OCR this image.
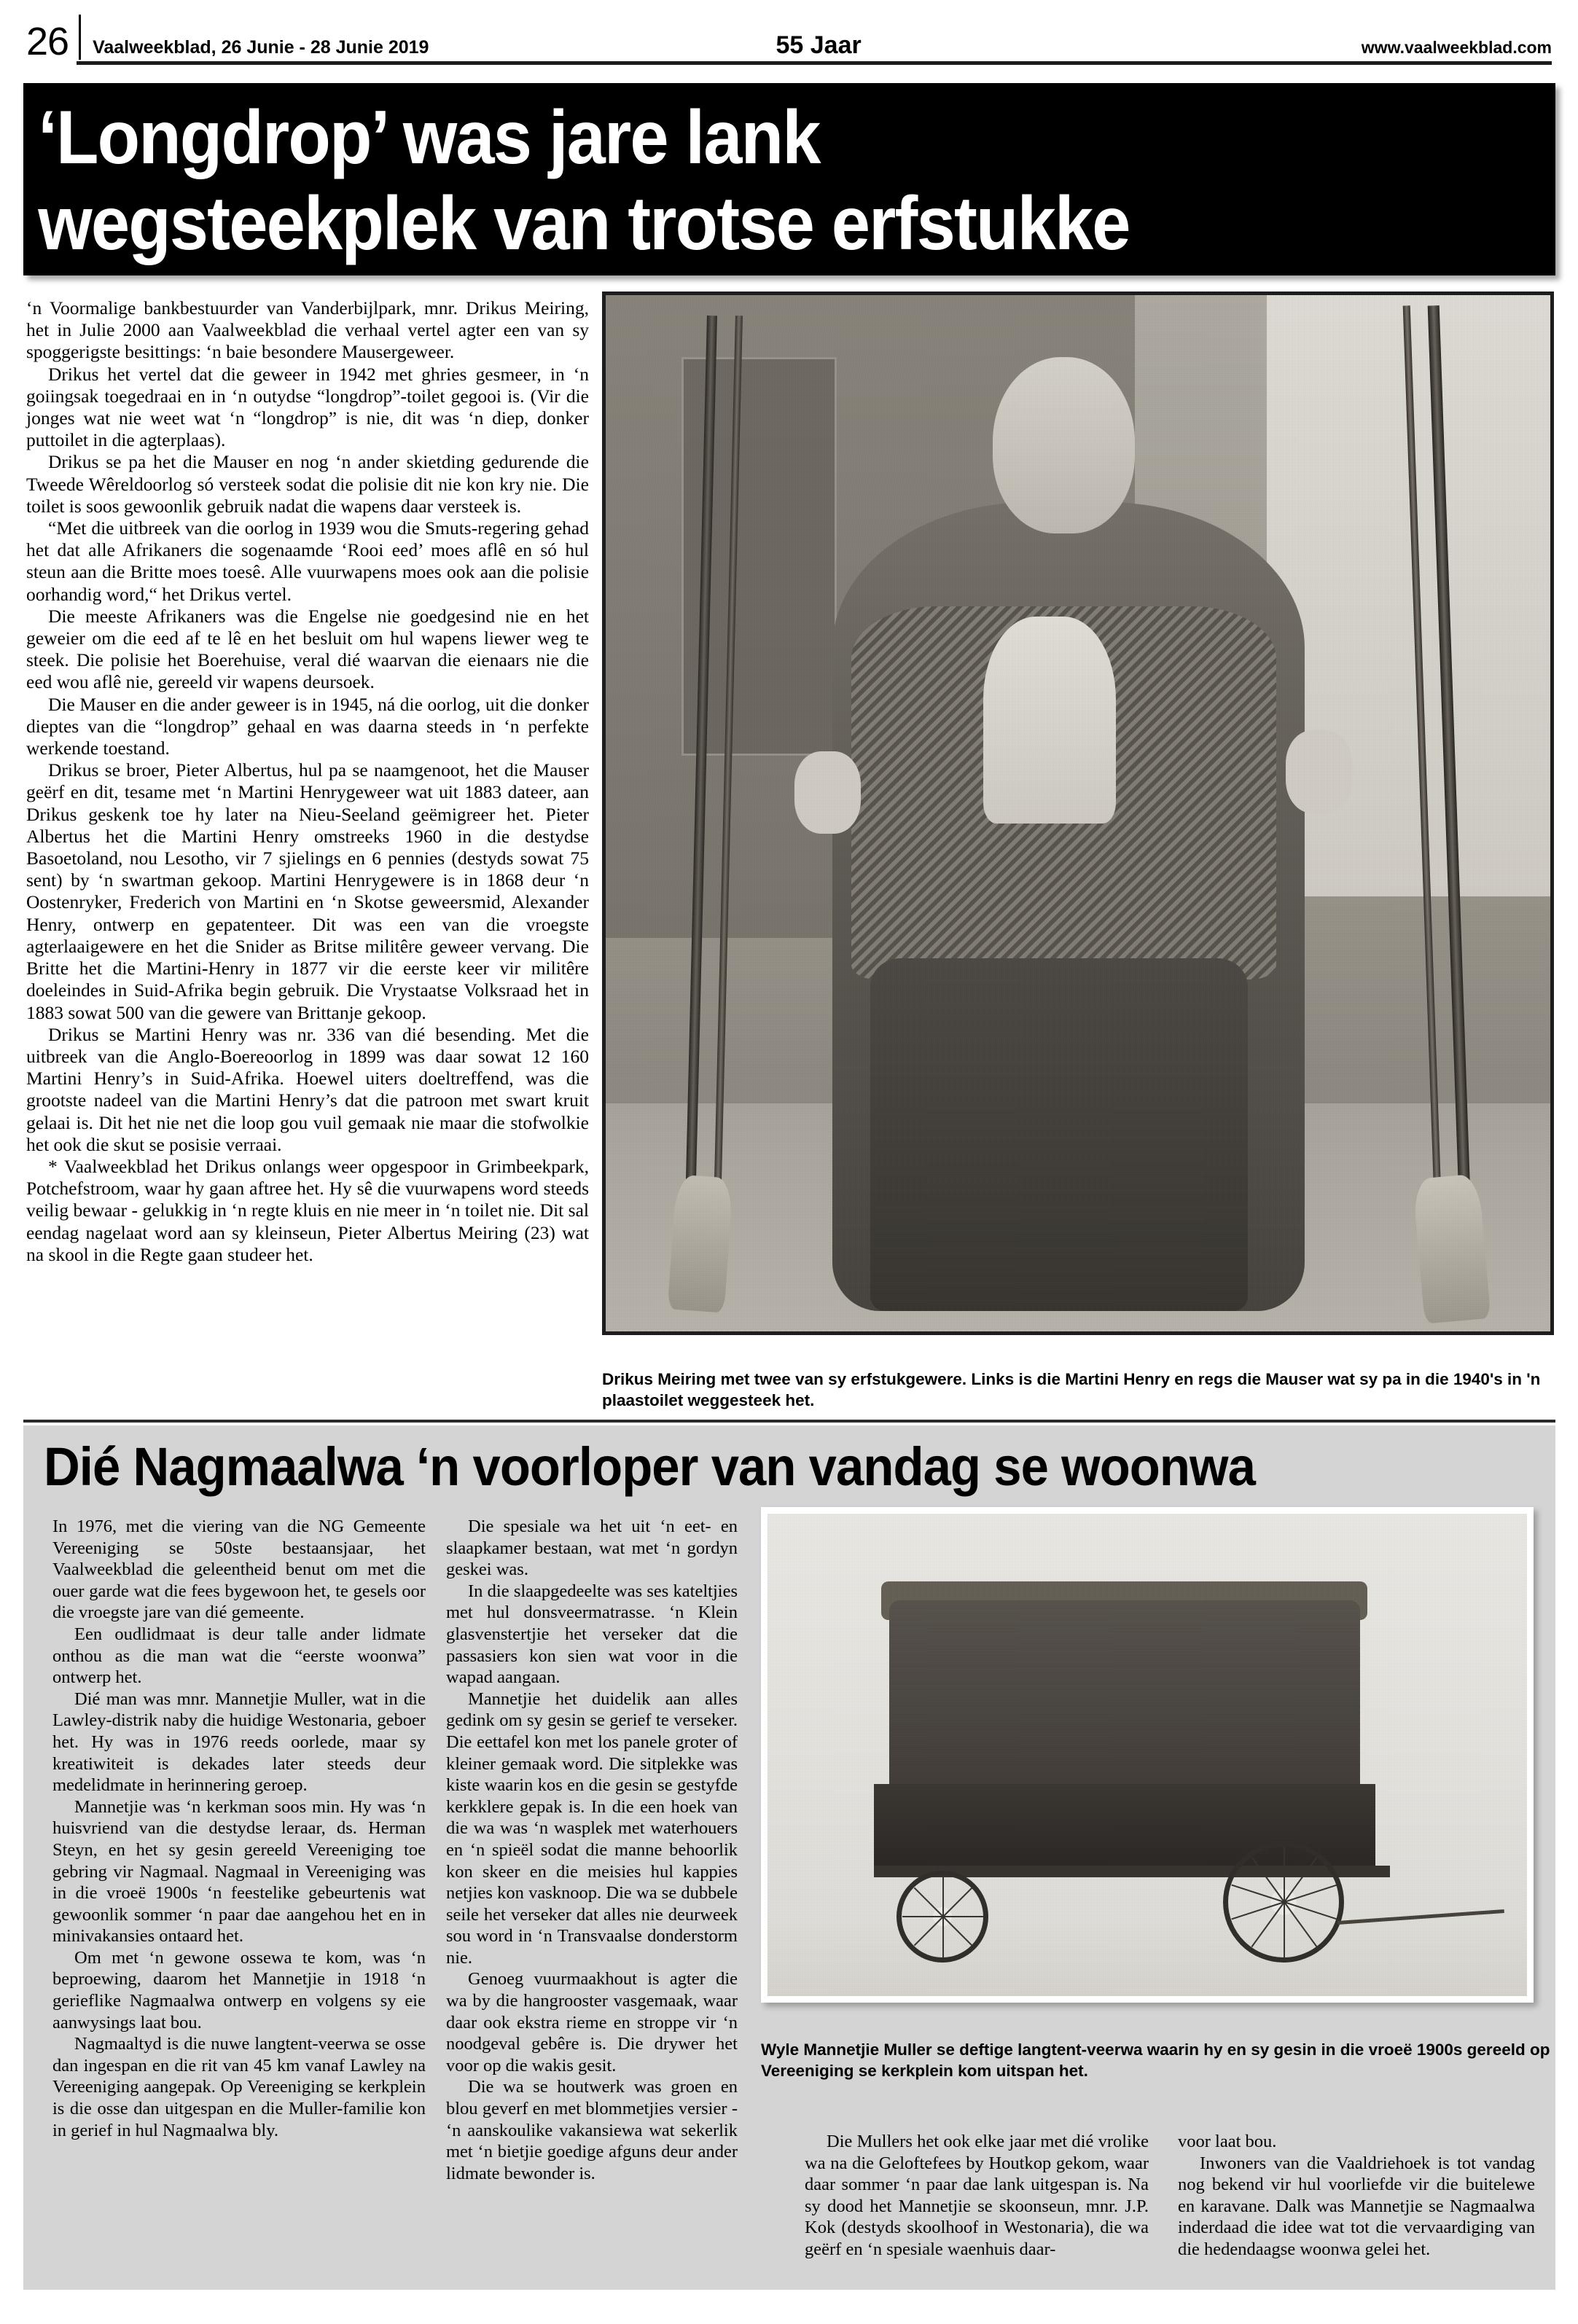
26	Vaalweekblad, 26 Junie - 28 Junie 2019	55 Jaar	www.vaalweekblad.com
‘Longdrop’ was jare lank
wegsteekplek van trotse erfstukke

‘n Voormalige bankbestuurder van Vanderbijlpark, mnr. Drikus Meiring, het in Julie 2000 aan Vaalweekblad die verhaal vertel agter een van sy spoggerigste besittings: ‘n baie besondere Mausergeweer.

Drikus het vertel dat die geweer in 1942 met ghries gesmeer, in ‘n goiingsak toegedraai en in ‘n outydse “longdrop”-toilet gegooi is. (Vir die jonges wat nie weet wat ‘n “longdrop” is nie, dit was ‘n diep, donker puttoilet in die agterplaas).

Drikus se pa het die Mauser en nog ‘n ander skietding gedurende die Tweede Wêreldoorlog só versteek sodat die polisie dit nie kon kry nie. Die toilet is soos gewoonlik gebruik nadat die wapens daar versteek is.

“Met die uitbreek van die oorlog in 1939 wou die Smuts-regering gehad het dat alle Afrikaners die sogenaamde ‘Rooi eed’ moes aflê en só hul steun aan die Britte moes toesê. Alle vuurwapens moes ook aan die polisie oorhandig word,“ het Drikus vertel.

Die meeste Afrikaners was die Engelse nie goedgesind nie en het geweier om die eed af te lê en het besluit om hul wapens liewer weg te steek. Die polisie het Boerehuise, veral dié waarvan die eienaars nie die eed wou aflê nie, gereeld vir wapens deursoek.

Die Mauser en die ander geweer is in 1945, ná die oorlog, uit die donker dieptes van die “longdrop” gehaal en was daarna steeds in ‘n perfekte werkende toestand.

Drikus se broer, Pieter Albertus, hul pa se naamgenoot, het die Mauser geërf en dit, tesame met ‘n Martini Henrygeweer wat uit 1883 dateer, aan Drikus geskenk toe hy later na Nieu-Seeland geëmigreer het. Pieter Albertus het die Martini Henry omstreeks 1960 in die destydse Basoetoland, nou Lesotho, vir 7 sjielings en 6 pennies (destyds sowat 75 sent) by ‘n swartman gekoop. Martini Henrygewere is in 1868 deur ‘n Oostenryker, Frederich von Martini en ‘n Skotse geweersmid, Alexander Henry, ontwerp en gepatenteer. Dit was een van die vroegste agterlaaigewere en het die Snider as Britse militêre geweer vervang. Die Britte het die Martini-Henry in 1877 vir die eerste keer vir militêre doeleindes in Suid-Afrika begin gebruik. Die Vrystaatse Volksraad het in 1883 sowat 500 van die gewere van Brittanje gekoop.

Drikus se Martini Henry was nr. 336 van dié besending. Met die uitbreek van die Anglo-Boereoorlog in 1899 was daar sowat 12 160 Martini Henry’s in Suid-Afrika. Hoewel uiters doeltreffend, was die grootste nadeel van die Martini Henry’s dat die patroon met swart kruit gelaai is. Dit het nie net die loop gou vuil gemaak nie maar die stofwolkie het ook die skut se posisie verraai.

* Vaalweekblad het Drikus onlangs weer opgespoor in Grimbeekpark, Potchefstroom, waar hy gaan aftree het. Hy sê die vuurwapens word steeds veilig bewaar - gelukkig in ‘n regte kluis en nie meer in ‘n toilet nie. Dit sal eendag nagelaat word aan sy kleinseun, Pieter Albertus Meiring (23) wat na skool in die Regte gaan studeer het.

Drikus Meiring met twee van sy erfstukgewere. Links is die Martini Henry en regs die Mauser wat sy pa in die 1940's in 'n plaastoilet weggesteek het.
Dié Nagmaalwa ‘n voorloper van vandag se woonwa

In 1976, met die viering van die NG Gemeente Vereeniging se 50ste bestaansjaar, het Vaalweekblad die geleentheid benut om met die ouer garde wat die fees bygewoon het, te gesels oor die vroegste jare van dié gemeente.

Een oudlidmaat is deur talle ander lidmate onthou as die man wat die “eerste woonwa” ontwerp het.

Dié man was mnr. Mannetjie Muller, wat in die Lawley-distrik naby die huidige Westonaria, geboer het. Hy was in 1976 reeds oorlede, maar sy kreatiwiteit is dekades later steeds deur medelidmate in herinnering geroep.

Mannetjie was ‘n kerkman soos min. Hy was ‘n huisvriend van die destydse leraar, ds. Herman Steyn, en het sy gesin gereeld Vereeniging toe gebring vir Nagmaal. Nagmaal in Vereeniging was in die vroeë 1900s ‘n feestelike gebeurtenis wat gewoonlik sommer ‘n paar dae aangehou het en in minivakansies ontaard het.

Om met ‘n gewone ossewa te kom, was ‘n beproewing, daarom het Mannetjie in 1918 ‘n gerieflike Nagmaalwa ontwerp en volgens sy eie aanwysings laat bou.

Nagmaaltyd is die nuwe langtent-veerwa se osse dan ingespan en die rit van 45 km vanaf Lawley na Vereeniging aangepak. Op Vereeniging se kerkplein is die osse dan uitgespan en die Muller-familie kon in gerief in hul Nagmaalwa bly.

Die spesiale wa het uit ‘n eet- en slaapkamer bestaan, wat met ‘n gordyn geskei was.

In die slaapgedeelte was ses kateltjies met hul donsveermatrasse. ‘n Klein glasvenstertjie het verseker dat die passasiers kon sien wat voor in die wapad aangaan.

Mannetjie het duidelik aan alles gedink om sy gesin se gerief te verseker. Die eettafel kon met los panele groter of kleiner gemaak word. Die sitplekke was kiste waarin kos en die gesin se gestyfde kerkklere gepak is. In die een hoek van die wa was ‘n wasplek met waterhouers en ‘n spieël sodat die manne behoorlik kon skeer en die meisies hul kappies netjies kon vasknoop. Die wa se dubbele seile het verseker dat alles nie deurweek sou word in ‘n Transvaalse donderstorm nie.

Genoeg vuurmaakhout is agter die wa by die hangrooster vasgemaak, waar daar ook ekstra rieme en stroppe vir ‘n noodgeval gebêre is. Die drywer het voor op die wakis gesit.

Die wa se houtwerk was groen en blou geverf en met blommetjies versier - ‘n aanskoulike vakansiewa wat sekerlik met ‘n bietjie goedige afguns deur ander lidmate bewonder is.

Wyle Mannetjie Muller se deftige langtent-veerwa waarin hy en sy gesin in die vroeë 1900s gereeld op Vereeniging se kerkplein kom uitspan het.

Die Mullers het ook elke jaar met dié vrolike wa na die Geloftefees by Houtkop gekom, waar daar sommer ‘n paar dae lank uitgespan is. Na sy dood het Mannetjie se skoonseun, mnr. J.P. Kok (destyds skoolhoof in Westonaria), die wa geërf en ‘n spesiale waenhuis daar-

voor laat bou.

Inwoners van die Vaaldriehoek is tot vandag nog bekend vir hul voorliefde vir die buitelewe en karavane. Dalk was Mannetjie se Nagmaalwa inderdaad die idee wat tot die vervaardiging van die hedendaagse woonwa gelei het.
